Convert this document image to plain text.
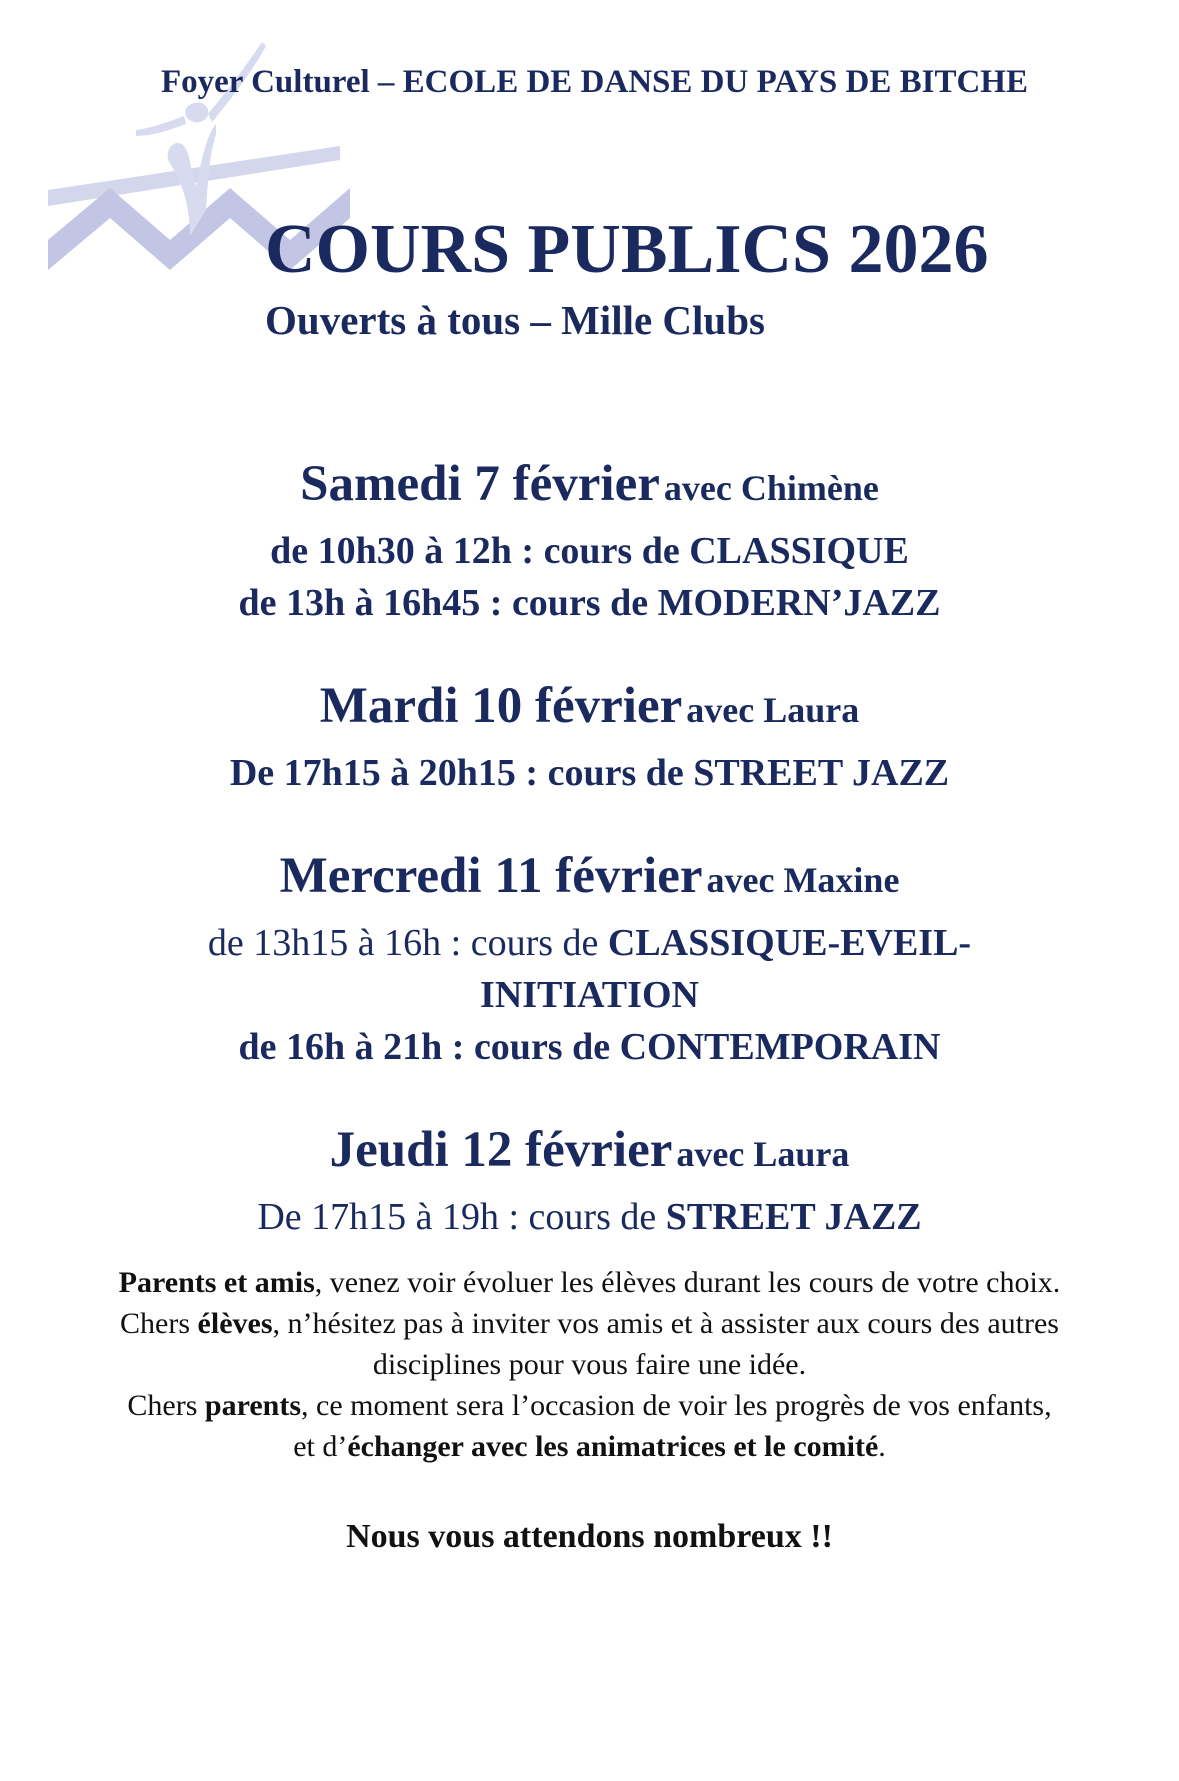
Foyer Culturel – ECOLE DE DANSE DU PAYS DE BITCHE
COURS PUBLICS 2026
Ouverts à tous – Mille Clubs
Samedi 7 février avec Chimène
de 10h30 à 12h : cours de CLASSIQUE
de 13h à 16h45 : cours de MODERN’JAZZ
Mardi 10 février avec Laura
De 17h15 à 20h15 : cours de STREET JAZZ
Mercredi 11 février avec Maxine
de 13h15 à 16h : cours de CLASSIQUE-EVEIL-
INITIATION
de 16h à 21h : cours de CONTEMPORAIN
Jeudi 12 février avec Laura
De 17h15 à 19h : cours de STREET JAZZ
Parents et amis, venez voir évoluer les élèves durant les cours de votre choix.
Chers élèves, n’hésitez pas à inviter vos amis et à assister aux cours des autres
disciplines pour vous faire une idée.
Chers parents, ce moment sera l’occasion de voir les progrès de vos enfants,
et d’échanger avec les animatrices et le comité.
Nous vous attendons nombreux !!
